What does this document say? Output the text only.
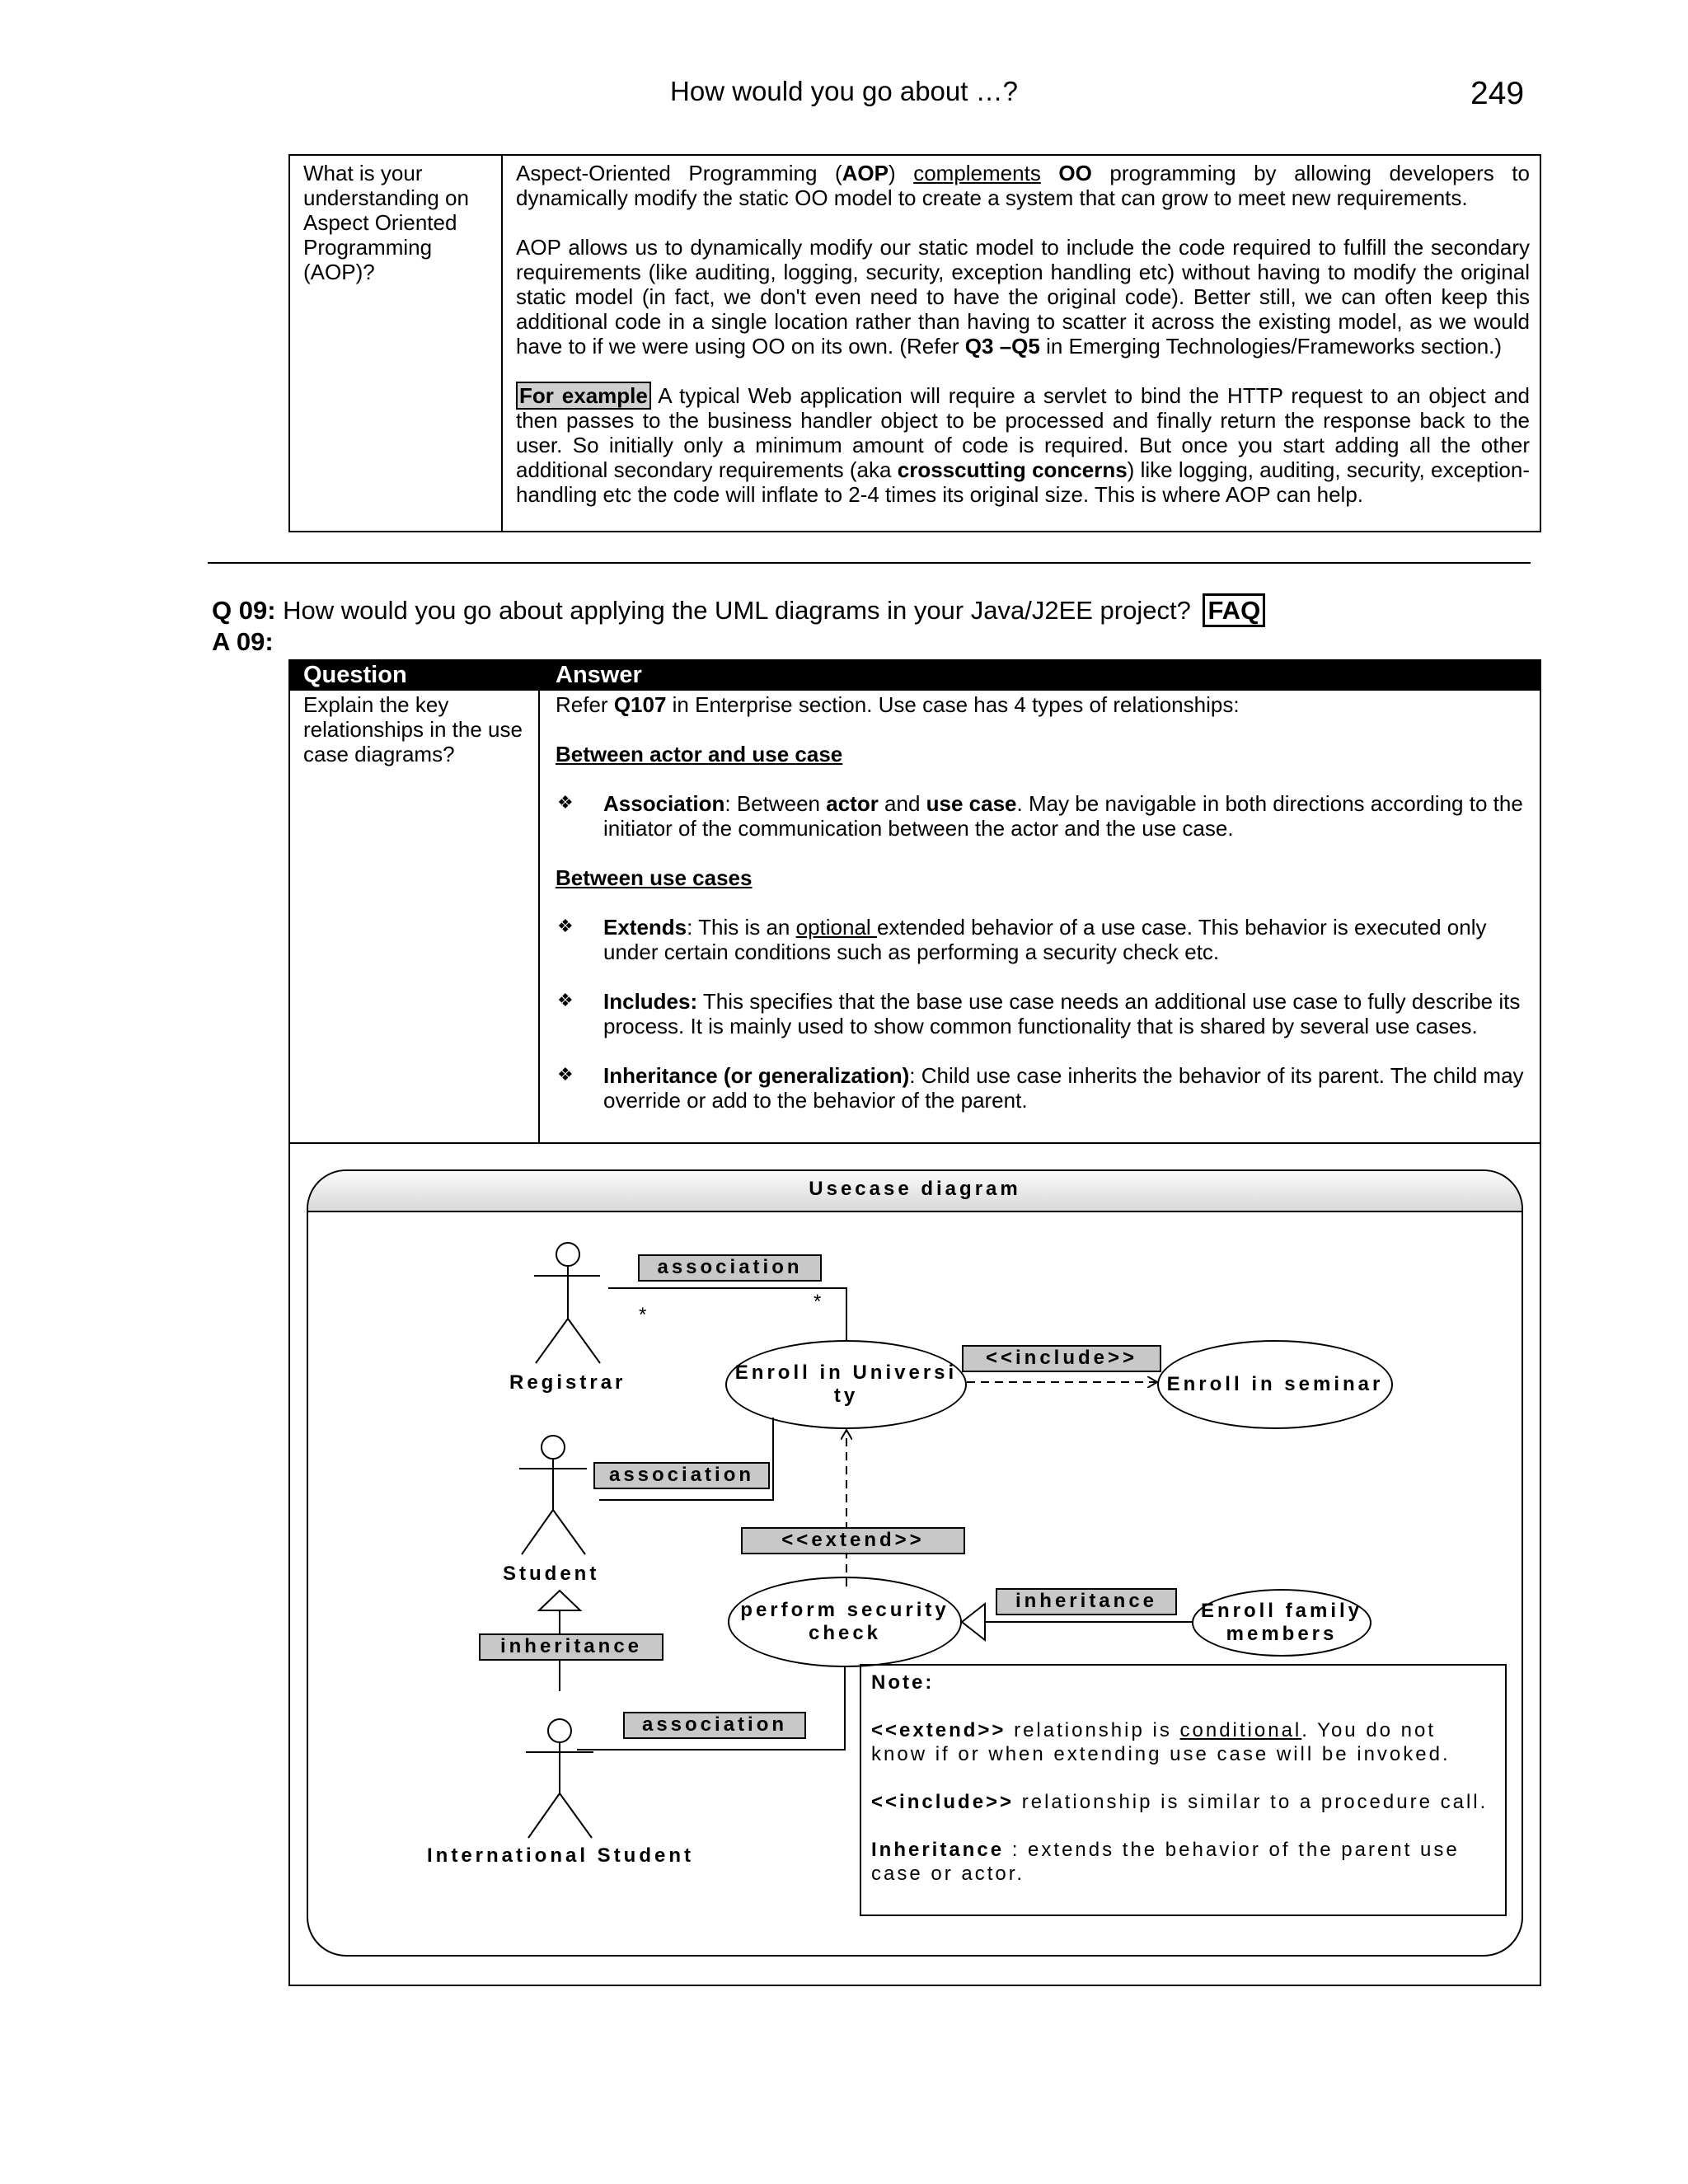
How would you go about …?	249
What is your understanding on Aspect Oriented Programming (AOP)?

Aspect-Oriented Programming (AOP) complements OO programming by allowing developers to dynamically modify the static OO model to create a system that can grow to meet new requirements.

AOP allows us to dynamically modify our static model to include the code required to fulfill the secondary requirements (like auditing, logging, security, exception handling etc) without having to modify the original static model (in fact, we don't even need to have the original code). Better still, we can often keep this additional code in a single location rather than having to scatter it across the existing model, as we would have to if we were using OO on its own. (Refer Q3 –Q5 in Emerging Technologies/Frameworks section.)

For example A typical Web application will require a servlet to bind the HTTP request to an object and then passes to the business handler object to be processed and finally return the response back to the user. So initially only a minimum amount of code is required. But once you start adding all the other additional secondary requirements (aka crosscutting concerns) like logging, auditing, security, exception-handling etc the code will inflate to 2-4 times its original size. This is where AOP can help.

Q 09: How would you go about applying the UML diagrams in your Java/J2EE project? FAQ
A 09:
Question	Answer
Explain the key relationships in the use case diagrams?
Refer Q107 in Enterprise section. Use case has 4 types of relationships:
Between actor and use case
❖ Association: Between actor and use case. May be navigable in both directions according to the initiator of the communication between the actor and the use case.
Between use cases
❖ Extends: This is an optional extended behavior of a use case. This behavior is executed only under certain conditions such as performing a security check etc.
❖ Includes: This specifies that the base use case needs an additional use case to fully describe its process. It is mainly used to show common functionality that is shared by several use cases.
❖ Inheritance (or generalization): Child use case inherits the behavior of its parent. The child may override or add to the behavior of the parent.
Usecase diagram
Registrar
Student
International Student
*
*
Enroll in Universi ty
Enroll in seminar
perform security check
Enroll family members
association
association
association
<<include>>
<<extend>>
inheritance
inheritance

Note:

<<extend>> relationship is conditional. You do not know if or when extending use case will be invoked.

<<include>> relationship is similar to a procedure call.

Inheritance : extends the behavior of the parent use case or actor.
